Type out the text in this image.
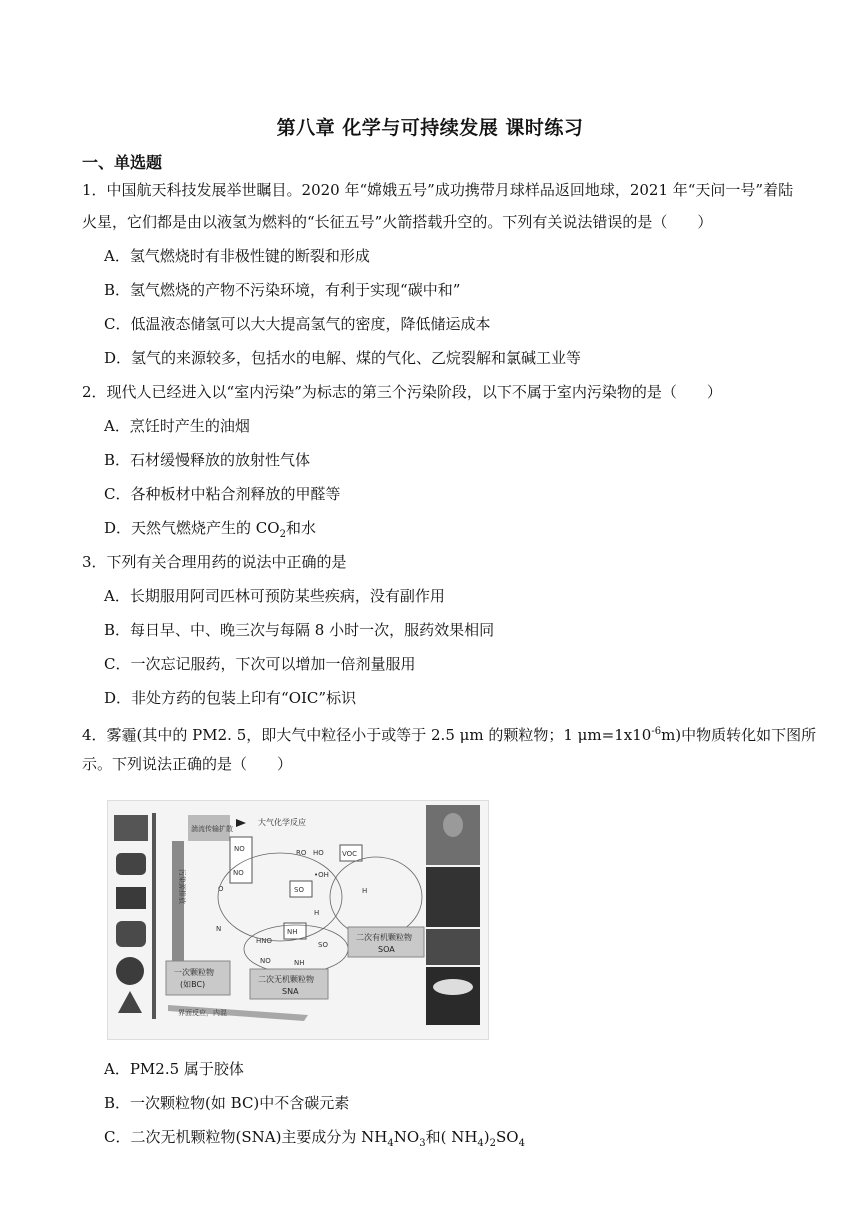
第八章 化学与可持续发展 课时练习
一、单选题
1．中国航天科技发展举世瞩目。2020 年“嫦娥五号”成功携带月球样品返回地球，2021 年“天问一号”着陆
火星，它们都是由以液氢为燃料的“长征五号”火箭搭载升空的。下列有关说法错误的是（　　）
A．氢气燃烧时有非极性键的断裂和形成
B．氢气燃烧的产物不污染环境，有利于实现“碳中和”
C．低温液态储氢可以大大提高氢气的密度，降低储运成本
D．氢气的来源较多，包括水的电解、煤的气化、乙烷裂解和氯碱工业等
2．现代人已经进入以“室内污染”为标志的第三个污染阶段，以下不属于室内污染物的是（　　）
A．烹饪时产生的油烟
B．石材缓慢释放的放射性气体
C．各种板材中粘合剂释放的甲醛等
D．天然气燃烧产生的 $CO_2$和水
3．下列有关合理用药的说法中正确的是
A．长期服用阿司匹林可预防某些疾病，没有副作用
B．每日早、中、晚三次与每隔 8 小时一次，服药效果相同
C．一次忘记服药，下次可以增加一倍剂量服用
D．非处方药的包装上印有“OIC”标识
4．雾霾(其中的 PM2. 5，即大气中粒径小于或等于 2.5 μm 的颗粒物；1 $\mu m=1x10^{-6}m$)中物质转化如下图所
示。下列说法正确的是（　　）
污染源排放
湍流传输扩散
大气化学反应
NO
NO
RO HO	VOC
•OH
H
O	SO
H
N
HNO
NH
SO
NO	NH
一次颗粒物
(如BC)
二次无机颗粒物
SNA
二次有机颗粒物
SOA
界面反应，内混
A．PM2.5 属于胶体
B．一次颗粒物(如 BC)中不含碳元素
C．二次无机颗粒物(SNA)主要成分为 $NH_4NO_3$和( $NH_4)_2SO_4$
